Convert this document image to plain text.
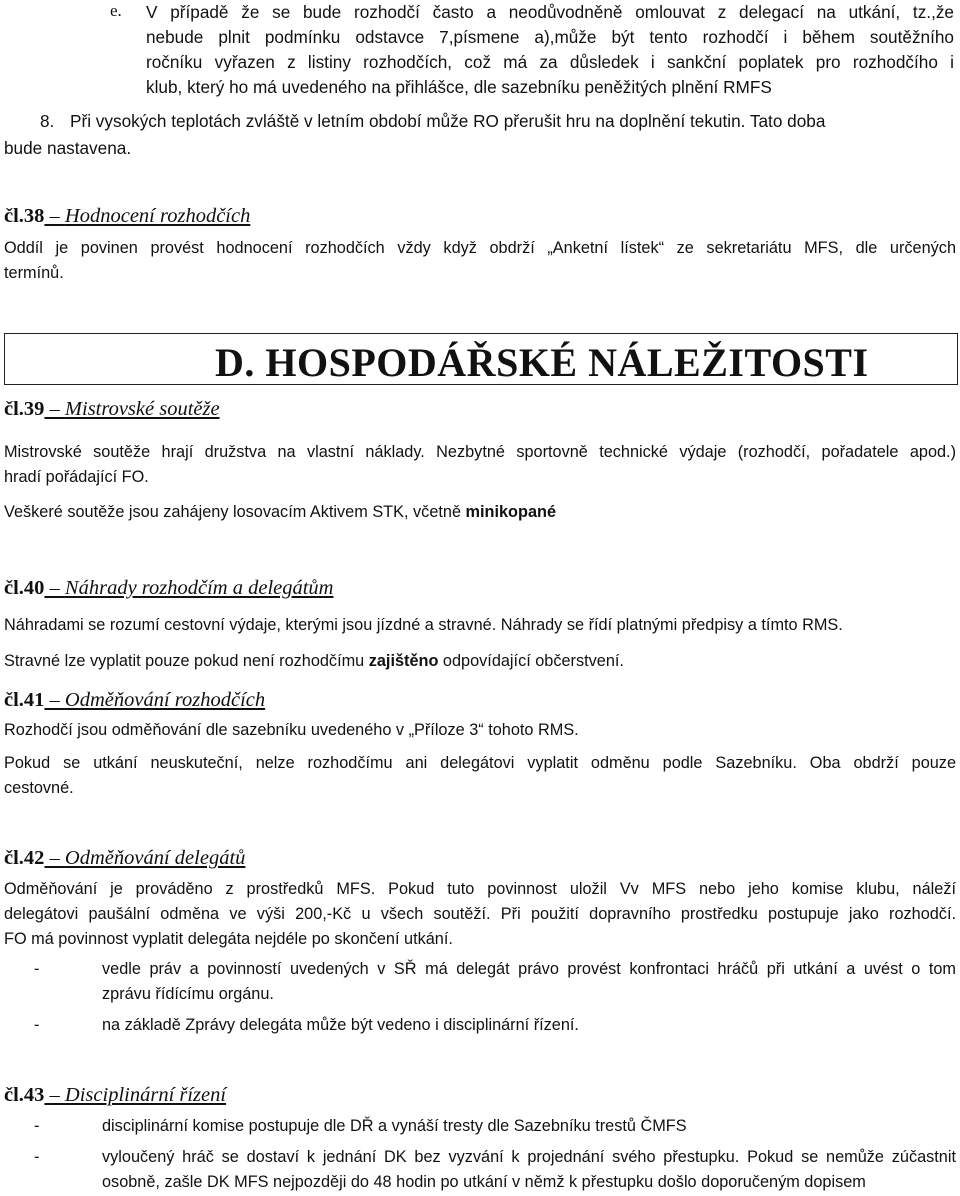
e. V případě že se bude rozhodčí často a neodůvodněně omlouvat z delegací na utkání, tz.,že
nebude plnit podmínku odstavce 7,písmene a),může být tento rozhodčí i během soutěžního
ročníku vyřazen z listiny rozhodčích, což má za důsledek i sankční poplatek pro rozhodčího i
klub, který ho má uvedeného na přihlášce, dle sazebníku peněžitých plnění RMFS
8. Při vysokých teplotách zvláště v letním období může RO přerušit hru na doplnění tekutin. Tato doba
bude nastavena.
čl.38 – Hodnocení rozhodčích
Oddíl je povinen provést hodnocení rozhodčích vždy když obdrží „Anketní lístek“ ze sekretariátu MFS, dle určených
termínů.
D. HOSPODÁŘSKÉ NÁLEŽITOSTI
čl.39 – Mistrovské soutěže
Mistrovské soutěže hrají družstva na vlastní náklady. Nezbytné sportovně technické výdaje (rozhodčí, pořadatele apod.)
hradí pořádající FO.
Veškeré soutěže jsou zahájeny losovacím Aktivem STK, včetně minikopané
čl.40 – Náhrady rozhodčím a delegátům
Náhradami se rozumí cestovní výdaje, kterými jsou jízdné a stravné. Náhrady se řídí platnými předpisy a tímto RMS.
Stravné lze vyplatit pouze pokud není rozhodčímu zajištěno odpovídající občerstvení.
čl.41 – Odměňování rozhodčích
Rozhodčí jsou odměňování dle sazebníku uvedeného v „Příloze 3“ tohoto RMS.
Pokud se utkání neuskuteční, nelze rozhodčímu ani delegátovi vyplatit odměnu podle Sazebníku. Oba obdrží pouze
cestovné.
čl.42 – Odměňování delegátů
Odměňování je prováděno z prostředků MFS. Pokud tuto povinnost uložil Vv MFS nebo jeho komise klubu, náleží
delegátovi paušální odměna ve výši 200,-Kč u všech soutěží. Při použití dopravního prostředku postupuje jako rozhodčí.
FO má povinnost vyplatit delegáta nejdéle po skončení utkání.
-	vedle práv a povinností uvedených v SŘ má delegát právo provést konfrontaci hráčů při utkání a uvést o tom
zprávu řídícímu orgánu.
-	na základě Zprávy delegáta může být vedeno i disciplinární řízení.
čl.43 – Disciplinární řízení
-	disciplinární komise postupuje dle DŘ a vynáší tresty dle Sazebníku trestů ČMFS
-	vyloučený hráč se dostaví k jednání DK bez vyzvání k projednání svého přestupku. Pokud se nemůže zúčastnit
osobně, zašle DK MFS nejpozději do 48 hodin po utkání v němž k přestupku došlo doporučeným dopisem
